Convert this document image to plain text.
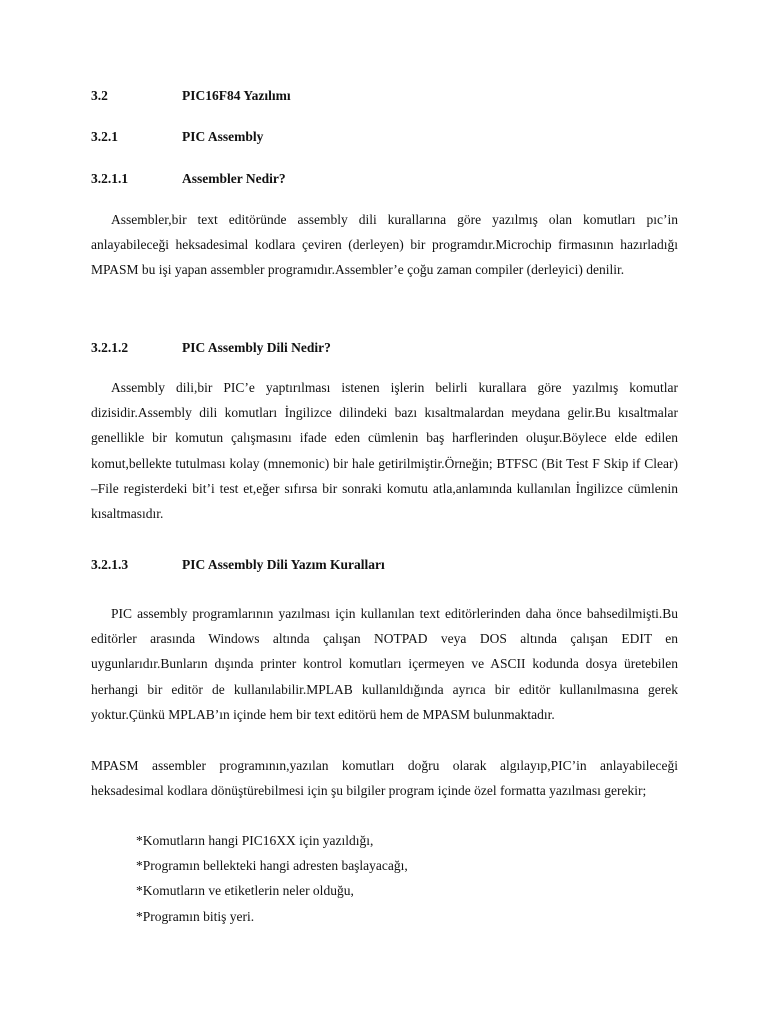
3.2	PIC16F84 Yazılımı
3.2.1	PIC Assembly
3.2.1.1	Assembler Nedir?

Assembler,bir text editöründe assembly dili kurallarına göre yazılmış olan komutları pıc’in anlayabileceği heksadesimal kodlara çeviren (derleyen) bir programdır.Microchip firmasının hazırladığı MPASM bu işi yapan assembler programıdır.Assembler’e çoğu zaman compiler (derleyici) denilir.

3.2.1.2	PIC Assembly Dili Nedir?

Assembly dili,bir PIC’e yaptırılması istenen işlerin belirli kurallara göre yazılmış komutlar dizisidir.Assembly dili komutları İngilizce dilindeki bazı kısaltmalardan meydana gelir.Bu kısaltmalar genellikle bir komutun çalışmasını ifade eden cümlenin baş harflerinden oluşur.Böylece elde edilen komut,bellekte tutulması kolay (mnemonic) bir hale getirilmiştir.Örneğin; BTFSC (Bit Test F Skip if Clear) –File registerdeki bit’i test et,eğer sıfırsa bir sonraki komutu atla,anlamında kullanılan İngilizce cümlenin kısaltmasıdır.

3.2.1.3	PIC Assembly Dili Yazım Kuralları

PIC assembly programlarının yazılması için kullanılan text editörlerinden daha önce bahsedilmişti.Bu editörler arasında Windows altında çalışan NOTPAD veya DOS altında çalışan EDIT en uygunlarıdır.Bunların dışında printer kontrol komutları içermeyen ve ASCII kodunda dosya üretebilen herhangi bir editör de kullanılabilir.MPLAB kullanıldığında ayrıca bir editör kullanılmasına gerek yoktur.Çünkü MPLAB’ın içinde hem bir text editörü hem de MPASM bulunmaktadır.

MPASM assembler programının,yazılan komutları doğru olarak algılayıp,PIC’in anlayabileceği heksadesimal kodlara dönüştürebilmesi için şu bilgiler program içinde özel formatta yazılması gerekir;

*Komutların hangi PIC16XX için yazıldığı,
*Programın bellekteki hangi adresten başlayacağı,
*Komutların ve etiketlerin neler olduğu,
*Programın bitiş yeri.
